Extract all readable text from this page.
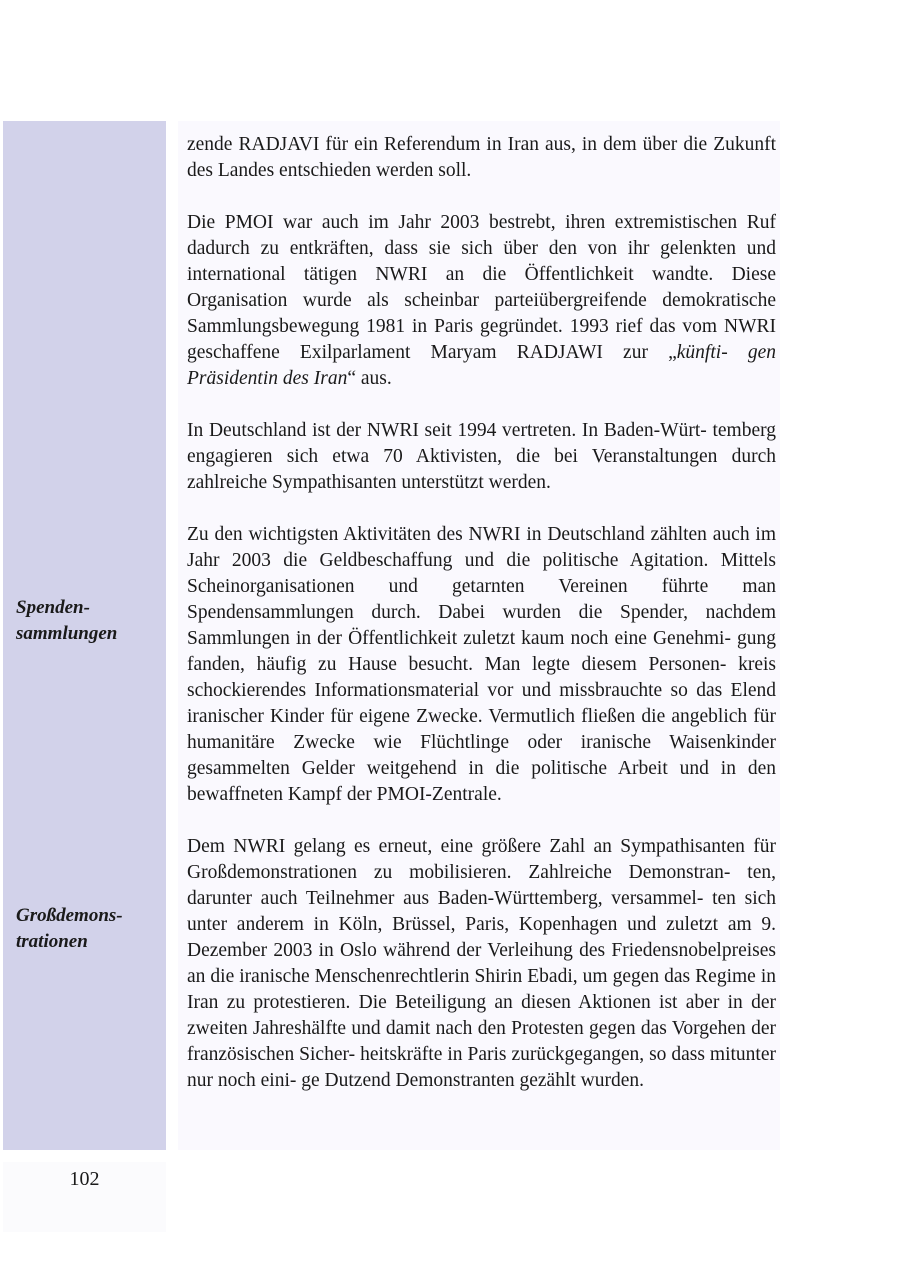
Spenden-
sammlungen
Großdemons-
trationen

zende RADJAVI für ein Referendum in Iran aus, in dem über die Zukunft des Landes entschieden werden soll.

Die PMOI war auch im Jahr 2003 bestrebt, ihren extremistischen Ruf dadurch zu entkräften, dass sie sich über den von ihr gelenkten und international tätigen NWRI an die Öffentlichkeit wandte. Diese Organisation wurde als scheinbar parteiübergreifende demokratische Sammlungsbewegung 1981 in Paris gegründet. 1993 rief das vom NWRI geschaffene Exilparlament Maryam RADJAWI zur „künfti- gen Präsidentin des Iran“ aus.

In Deutschland ist der NWRI seit 1994 vertreten. In Baden-Würt- temberg engagieren sich etwa 70 Aktivisten, die bei Veranstaltungen durch zahlreiche Sympathisanten unterstützt werden.

Zu den wichtigsten Aktivitäten des NWRI in Deutschland zählten auch im Jahr 2003 die Geldbeschaffung und die politische Agitation. Mittels Scheinorganisationen und getarnten Vereinen führte man Spendensammlungen durch. Dabei wurden die Spender, nachdem Sammlungen in der Öffentlichkeit zuletzt kaum noch eine Genehmi- gung fanden, häufig zu Hause besucht. Man legte diesem Personen- kreis schockierendes Informationsmaterial vor und missbrauchte so das Elend iranischer Kinder für eigene Zwecke. Vermutlich fließen die angeblich für humanitäre Zwecke wie Flüchtlinge oder iranische Waisenkinder gesammelten Gelder weitgehend in die politische Arbeit und in den bewaffneten Kampf der PMOI-Zentrale.

Dem NWRI gelang es erneut, eine größere Zahl an Sympathisanten für Großdemonstrationen zu mobilisieren. Zahlreiche Demonstran- ten, darunter auch Teilnehmer aus Baden-Württemberg, versammel- ten sich unter anderem in Köln, Brüssel, Paris, Kopenhagen und zuletzt am 9. Dezember 2003 in Oslo während der Verleihung des Friedensnobelpreises an die iranische Menschenrechtlerin Shirin Ebadi, um gegen das Regime in Iran zu protestieren. Die Beteiligung an diesen Aktionen ist aber in der zweiten Jahreshälfte und damit nach den Protesten gegen das Vorgehen der französischen Sicher- heitskräfte in Paris zurückgegangen, so dass mitunter nur noch eini- ge Dutzend Demonstranten gezählt wurden.

102
